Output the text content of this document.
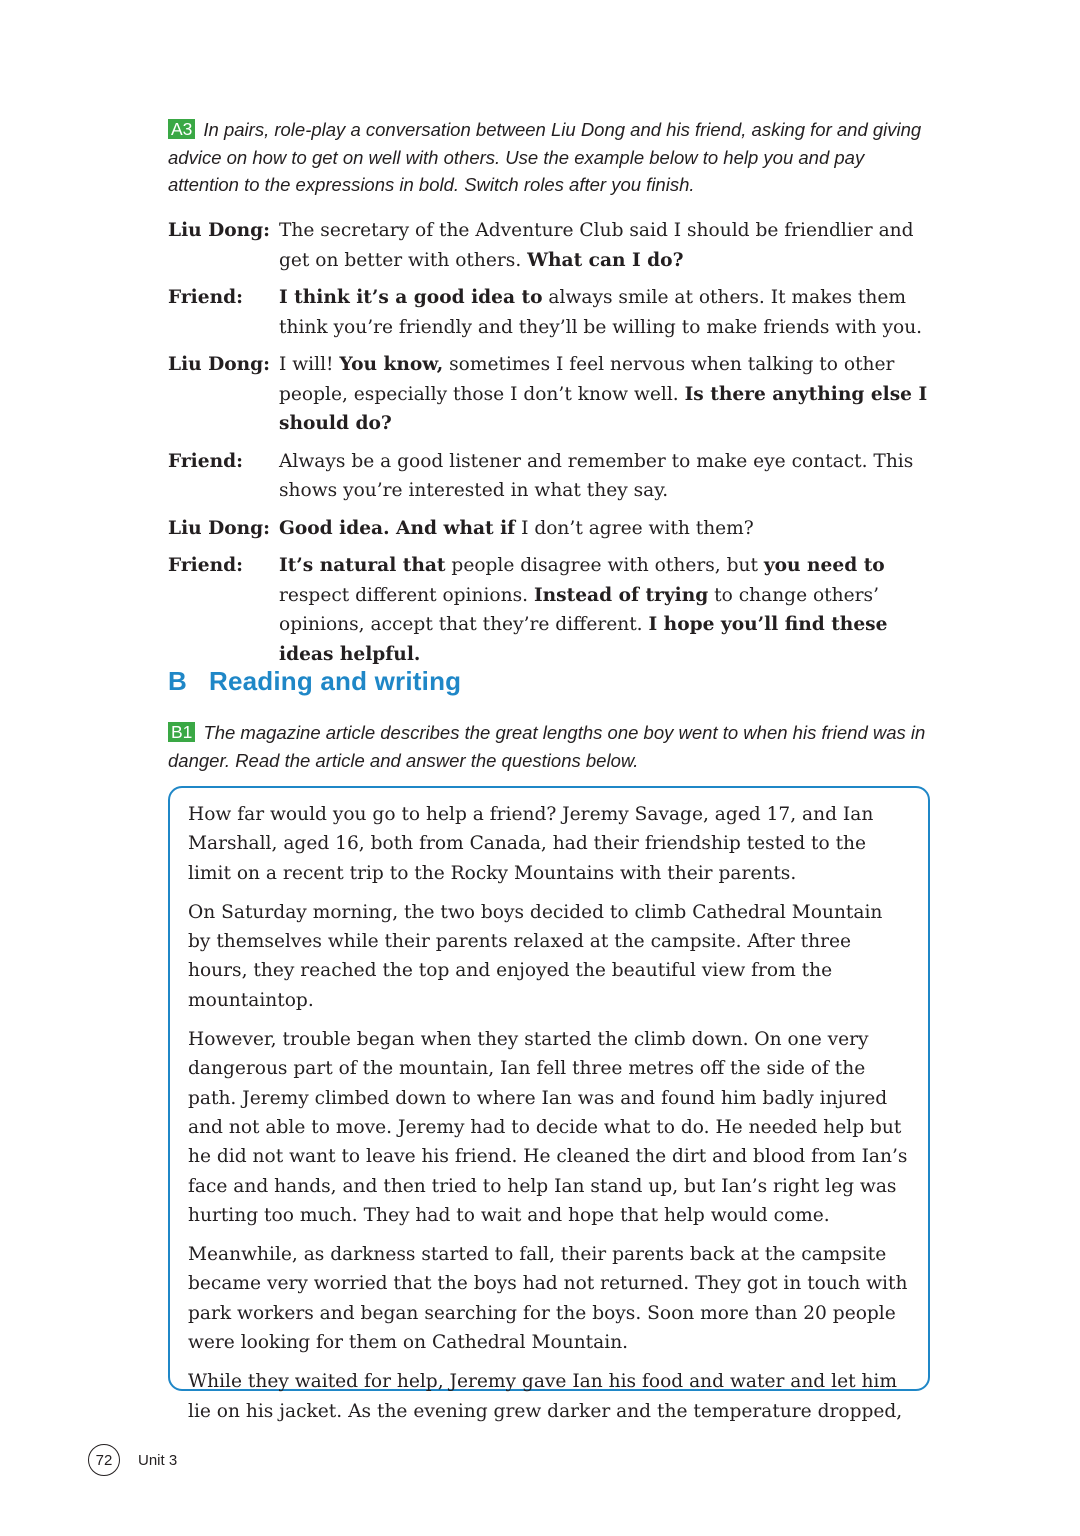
A3 In pairs, role-play a conversation between Liu Dong and his friend, asking for and giving advice on how to get on well with others. Use the example below to help you and pay attention to the expressions in bold. Switch roles after you finish.
Liu Dong: The secretary of the Adventure Club said I should be friendlier and get on better with others. What can I do?
Friend:	I think it’s a good idea to always smile at others. It makes them think you’re friendly and they’ll be willing to make friends with you.
Liu Dong: I will! You know, sometimes I feel nervous when talking to other people, especially those I don’t know well. Is there anything else I should do?
Friend:	Always be a good listener and remember to make eye contact. This shows you’re interested in what they say.
Liu Dong: Good idea. And what if I don’t agree with them?
Friend:	It’s natural that people disagree with others, but you need to respect different opinions. Instead of trying to change others’ opinions, accept that they’re different. I hope you’ll find these ideas helpful.
B Reading and writing
B1 The magazine article describes the great lengths one boy went to when his friend was in danger. Read the article and answer the questions below.

How far would you go to help a friend? Jeremy Savage, aged 17, and Ian Marshall, aged 16, both from Canada, had their friendship tested to the limit on a recent trip to the Rocky Mountains with their parents.

On Saturday morning, the two boys decided to climb Cathedral Mountain by themselves while their parents relaxed at the campsite. After three hours, they reached the top and enjoyed the beautiful view from the mountaintop.

However, trouble began when they started the climb down. On one very dangerous part of the mountain, Ian fell three metres off the side of the path. Jeremy climbed down to where Ian was and found him badly injured and not able to move. Jeremy had to decide what to do. He needed help but he did not want to leave his friend. He cleaned the dirt and blood from Ian’s face and hands, and then tried to help Ian stand up, but Ian’s right leg was hurting too much. They had to wait and hope that help would come.

Meanwhile, as darkness started to fall, their parents back at the campsite became very worried that the boys had not returned. They got in touch with park workers and began searching for the boys. Soon more than 20 people were looking for them on Cathedral Mountain.

While they waited for help, Jeremy gave Ian his food and water and let him lie on his jacket. As the evening grew darker and the temperature dropped,

72	Unit 3
